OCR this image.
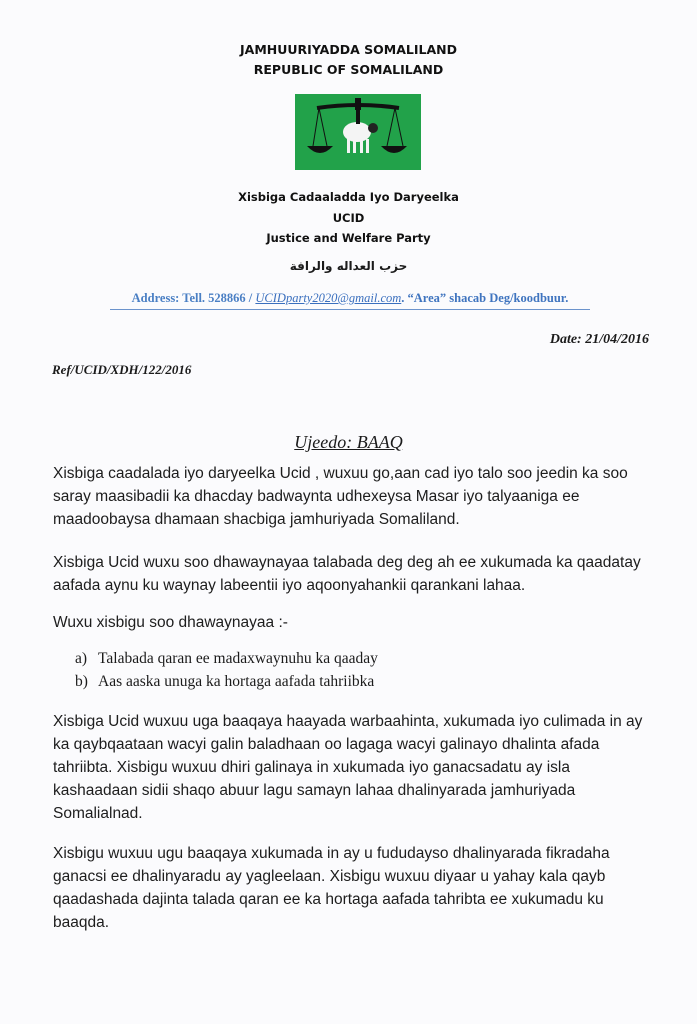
JAMHUURIYADDA SOMALILAND
REPUBLIC OF SOMALILAND
Xisbiga Cadaaladda Iyo Daryeelka
UCID
Justice and Welfare Party
حزب العداله والرافة
Address: Tell. 528866 / UCIDparty2020@gmail.com. “Area” shacab Deg/koodbuur.
Date: 21/04/2016
Ref/UCID/XDH/122/2016
Ujeedo: BAAQ
Xisbiga caadalada iyo daryeelka Ucid , wuxuu go,aan cad iyo talo soo jeedin ka soo saray maasibadii ka dhacday badwaynta udhexeysa Masar iyo talyaaniga ee maadoobaysa dhamaan shacbiga jamhuriyada Somaliland.
Xisbiga Ucid wuxu soo dhawaynayaa talabada deg deg ah ee xukumada ka qaadatay aafada aynu ku waynay labeentii iyo aqoonyahankii qarankani lahaa.
Wuxu xisbigu soo dhawaynayaa :-
a) Talabada qaran ee madaxwaynuhu ka qaaday
b) Aas aaska unuga ka hortaga aafada tahriibka
Xisbiga Ucid wuxuu uga baaqaya haayada warbaahinta, xukumada iyo culimada in ay ka qaybqaataan wacyi galin baladhaan oo lagaga wacyi galinayo dhalinta afada tahriibta. Xisbigu wuxuu dhiri galinaya in xukumada iyo ganacsadatu ay isla kashaadaan sidii shaqo abuur lagu samayn lahaa dhalinyarada jamhuriyada Somalialnad.
Xisbigu wuxuu ugu baaqaya xukumada in ay u fududayso dhalinyarada fikradaha ganacsi ee dhalinyaradu ay yagleelaan. Xisbigu wuxuu diyaar u yahay kala qayb qaadashada dajinta talada qaran ee ka hortaga aafada tahribta ee xukumadu ku baaqda.
